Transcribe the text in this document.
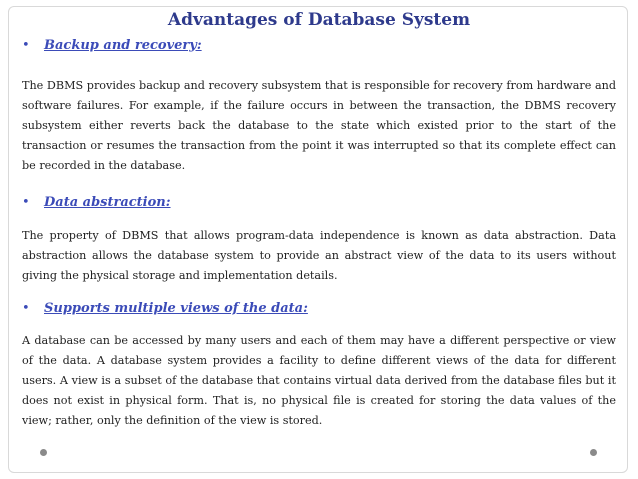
Advantages of Database System
•	Backup and recovery:
The DBMS provides backup and recovery subsystem that is responsible for recovery from hardware and software failures. For example, if the failure occurs in between the transaction, the DBMS recovery subsystem either reverts back the database to the state which existed prior to the start of the transaction or resumes the transaction from the point it was interrupted so that its complete effect can be recorded in the database.
•	Data abstraction:
The property of DBMS that allows program-data independence is known as data abstraction. Data abstraction allows the database system to provide an abstract view of the data to its users without giving the physical storage and implementation details.
•	Supports multiple views of the data:
A database can be accessed by many users and each of them may have a different perspective or view of the data. A database system provides a facility to define different views of the data for different users. A view is a subset of the database that contains virtual data derived from the database files but it does not exist in physical form. That is, no physical file is created for storing the data values of the view; rather, only the definition of the view is stored.
